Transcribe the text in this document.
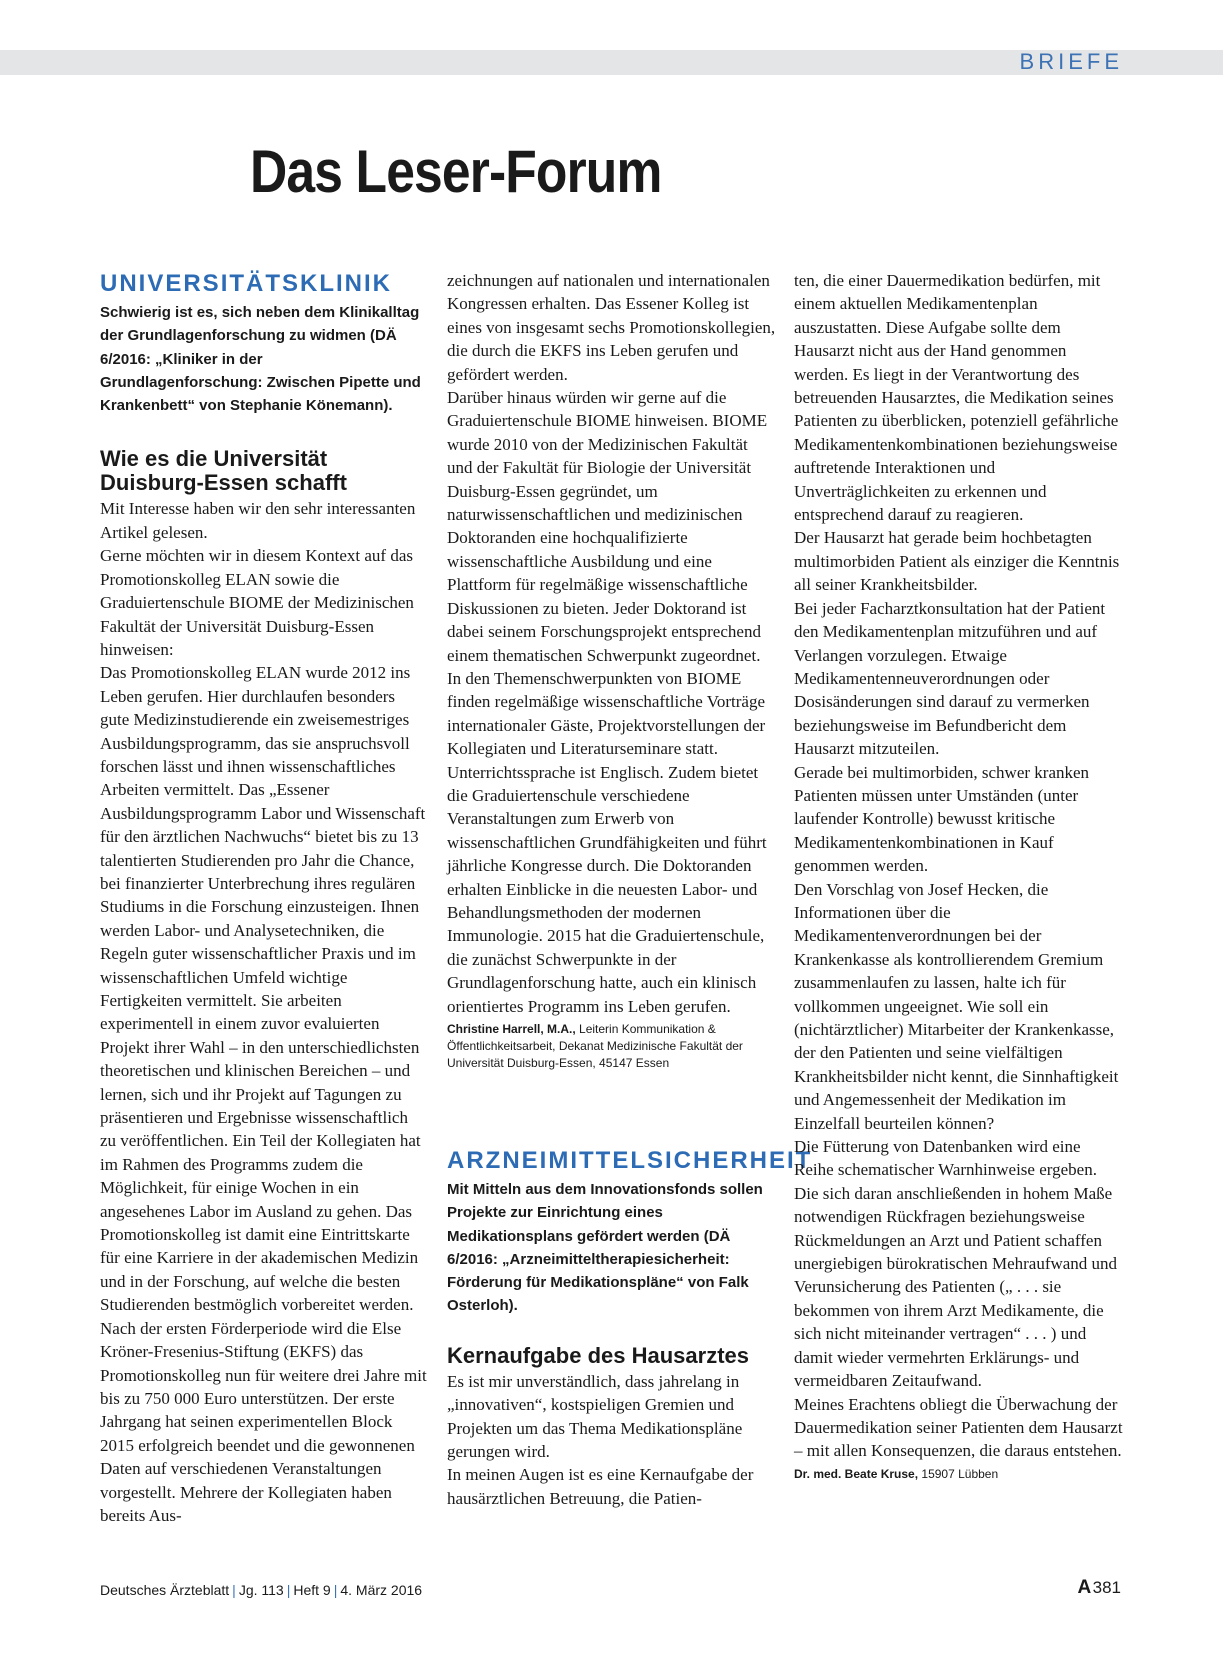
BRIEFE
Das Leser-Forum
UNIVERSITÄTSKLINIK

Schwierig ist es, sich neben dem Klinikalltag der Grundlagenforschung zu widmen (DÄ 6/2016: „Kliniker in der Grundlagenforschung: Zwischen Pipette und Krankenbett“ von Stephanie Könemann).

Wie es die Universität Duisburg-Essen schafft

Mit Interesse haben wir den sehr interessanten Artikel gelesen.

Gerne möchten wir in diesem Kontext auf das Promotionskolleg ELAN sowie die Graduiertenschule BIOME der Medizinischen Fakultät der Universität Duisburg-Essen hinweisen:

Das Promotionskolleg ELAN wurde 2012 ins Leben gerufen. Hier durchlaufen besonders gute Medizinstudierende ein zweisemestriges Ausbildungsprogramm, das sie anspruchsvoll forschen lässt und ihnen wissenschaftliches Arbeiten vermittelt. Das „Essener Ausbildungsprogramm Labor und Wissenschaft für den ärztlichen Nachwuchs“ bietet bis zu 13 talentierten Studierenden pro Jahr die Chance, bei finanzierter Unterbrechung ihres regulären Studiums in die Forschung einzusteigen. Ihnen werden Labor- und Analysetechniken, die Regeln guter wissenschaftlicher Praxis und im wissenschaftlichen Umfeld wichtige Fertigkeiten vermittelt. Sie arbeiten experimentell in einem zuvor evaluierten Projekt ihrer Wahl – in den unterschiedlichsten theoretischen und klinischen Bereichen – und lernen, sich und ihr Projekt auf Tagungen zu präsentieren und Ergebnisse wissenschaftlich zu veröffentlichen. Ein Teil der Kollegiaten hat im Rahmen des Programms zudem die Möglichkeit, für einige Wochen in ein angesehenes Labor im Ausland zu gehen. Das Promotionskolleg ist damit eine Eintrittskarte für eine Karriere in der akademischen Medizin und in der Forschung, auf welche die besten Studierenden bestmöglich vorbereitet werden. Nach der ersten Förderperiode wird die Else Kröner-Fresenius-Stiftung (EKFS) das Promotionskolleg nun für weitere drei Jahre mit bis zu 750 000 Euro unterstützen. Der erste Jahrgang hat seinen experimentellen Block 2015 erfolgreich beendet und die gewonnenen Daten auf verschiedenen Veranstaltungen vorgestellt. Mehrere der Kollegiaten haben bereits Aus-

zeichnungen auf nationalen und internationalen Kongressen erhalten. Das Essener Kolleg ist eines von insgesamt sechs Promotionskollegien, die durch die EKFS ins Leben gerufen und gefördert werden.

Darüber hinaus würden wir gerne auf die Graduiertenschule BIOME hinweisen. BIOME wurde 2010 von der Medizinischen Fakultät und der Fakultät für Biologie der Universität Duisburg-Essen gegründet, um naturwissenschaftlichen und medizinischen Doktoranden eine hochqualifizierte wissenschaftliche Ausbildung und eine Plattform für regelmäßige wissenschaftliche Diskussionen zu bieten. Jeder Doktorand ist dabei seinem Forschungsprojekt entsprechend einem thematischen Schwerpunkt zugeordnet. In den Themenschwerpunkten von BIOME finden regelmäßige wissenschaftliche Vorträge internationaler Gäste, Projektvorstellungen der Kollegiaten und Literaturseminare statt. Unterrichtssprache ist Englisch. Zudem bietet die Graduiertenschule verschiedene Veranstaltungen zum Erwerb von wissenschaftlichen Grundfähigkeiten und führt jährliche Kongresse durch. Die Doktoranden erhalten Einblicke in die neuesten Labor- und Behandlungsmethoden der modernen Immunologie. 2015 hat die Graduiertenschule, die zunächst Schwerpunkte in der Grundlagenforschung hatte, auch ein klinisch orientiertes Programm ins Leben gerufen.

Christine Harrell, M.A., Leiterin Kommunikation & Öffentlichkeitsarbeit, Dekanat Medizinische Fakultät der Universität Duisburg-Essen, 45147 Essen

ARZNEIMITTELSICHERHEIT

Mit Mitteln aus dem Innovationsfonds sollen Projekte zur Einrichtung eines Medikationsplans gefördert werden (DÄ 6/2016: „Arzneimitteltherapiesicherheit: Förderung für Medikationspläne“ von Falk Osterloh).

Kernaufgabe des Hausarztes

Es ist mir unverständlich, dass jahrelang in „innovativen“, kostspieligen Gremien und Projekten um das Thema Medikationspläne gerungen wird.

In meinen Augen ist es eine Kernaufgabe der hausärztlichen Betreuung, die Patien-

ten, die einer Dauermedikation bedürfen, mit einem aktuellen Medikamentenplan auszustatten. Diese Aufgabe sollte dem Hausarzt nicht aus der Hand genommen werden. Es liegt in der Verantwortung des betreuenden Hausarztes, die Medikation seines Patienten zu überblicken, potenziell gefährliche Medikamentenkombinationen beziehungsweise auftretende Interaktionen und Unverträglichkeiten zu erkennen und entsprechend darauf zu reagieren.

Der Hausarzt hat gerade beim hochbetagten multimorbiden Patient als einziger die Kenntnis all seiner Krankheitsbilder.

Bei jeder Facharztkonsultation hat der Patient den Medikamentenplan mitzuführen und auf Verlangen vorzulegen. Etwaige Medikamentenneuverordnungen oder Dosisänderungen sind darauf zu vermerken beziehungsweise im Befundbericht dem Hausarzt mitzuteilen.

Gerade bei multimorbiden, schwer kranken Patienten müssen unter Umständen (unter laufender Kontrolle) bewusst kritische Medikamentenkombinationen in Kauf genommen werden.

Den Vorschlag von Josef Hecken, die Informationen über die Medikamentenverordnungen bei der Krankenkasse als kontrollierendem Gremium zusammenlaufen zu lassen, halte ich für vollkommen ungeeignet. Wie soll ein (nichtärztlicher) Mitarbeiter der Krankenkasse, der den Patienten und seine vielfältigen Krankheitsbilder nicht kennt, die Sinnhaftigkeit und Angemessenheit der Medikation im Einzelfall beurteilen können?

Die Fütterung von Datenbanken wird eine Reihe schematischer Warnhinweise ergeben. Die sich daran anschließenden in hohem Maße notwendigen Rückfragen beziehungsweise Rückmeldungen an Arzt und Patient schaffen unergiebigen bürokratischen Mehraufwand und Verunsicherung des Patienten („ . . . sie bekommen von ihrem Arzt Medikamente, die sich nicht miteinander vertragen“ . . . ) und damit wieder vermehrten Erklärungs- und vermeidbaren Zeitaufwand.

Meines Erachtens obliegt die Überwachung der Dauermedikation seiner Patienten dem Hausarzt – mit allen Konsequenzen, die daraus entstehen.

Dr. med. Beate Kruse, 15907 Lübben

Deutsches Ärzteblatt | Jg. 113 | Heft 9 | 4. März 2016	A 381
